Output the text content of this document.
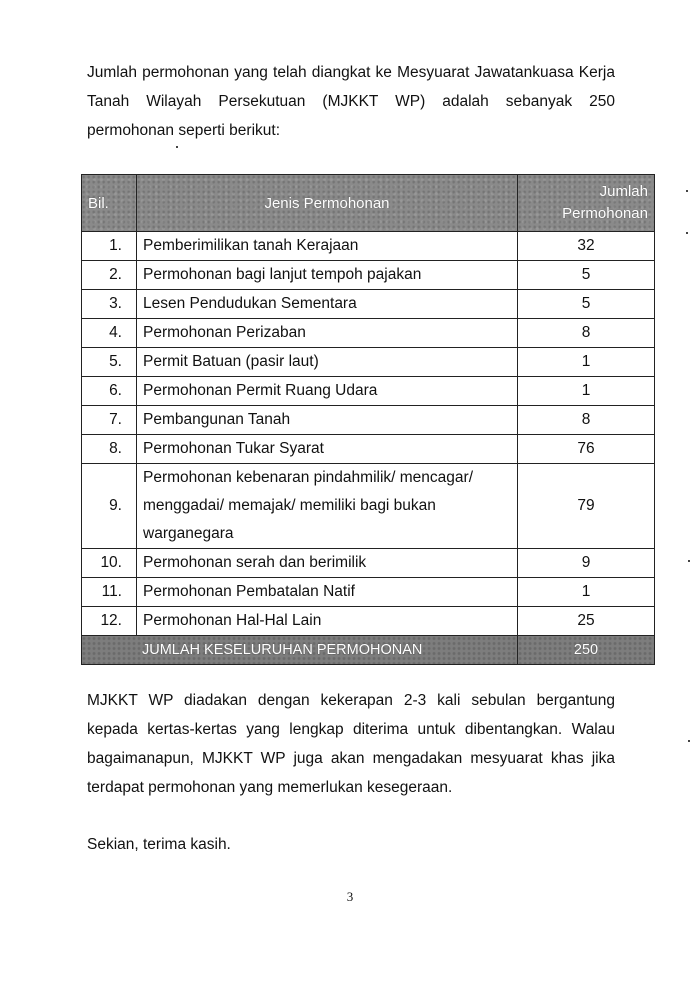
Jumlah permohonan yang telah diangkat ke Mesyuarat Jawatankuasa Kerja Tanah Wilayah Persekutuan (MJKKT WP) adalah sebanyak 250 permohonan seperti berikut:

Bil.	Jenis Permohonan	Jumlah
Permohonan
1.	Pemberimilikan tanah Kerajaan	32
2.	Permohonan bagi lanjut tempoh pajakan	5
3.	Lesen Pendudukan Sementara	5
4.	Permohonan Perizaban	8
5.	Permit Batuan (pasir laut)	1
6.	Permohonan Permit Ruang Udara	1
7.	Pembangunan Tanah	8
8.	Permohonan Tukar Syarat	76
9.	Permohonan kebenaran pindahmilik/ mencagar/ menggadai/ memajak/ memiliki bagi bukan warganegara	79
10.	Permohonan serah dan berimilik	9
11.	Permohonan Pembatalan Natif	1
12.	Permohonan Hal-Hal Lain	25
JUMLAH KESELURUHAN PERMOHONAN		250

MJKKT WP diadakan dengan kekerapan 2-3 kali sebulan bergantung kepada kertas-kertas yang lengkap diterima untuk dibentangkan. Walau bagaimanapun, MJKKT WP juga akan mengadakan mesyuarat khas jika terdapat permohonan yang memerlukan kesegeraan.

Sekian, terima kasih.

3
